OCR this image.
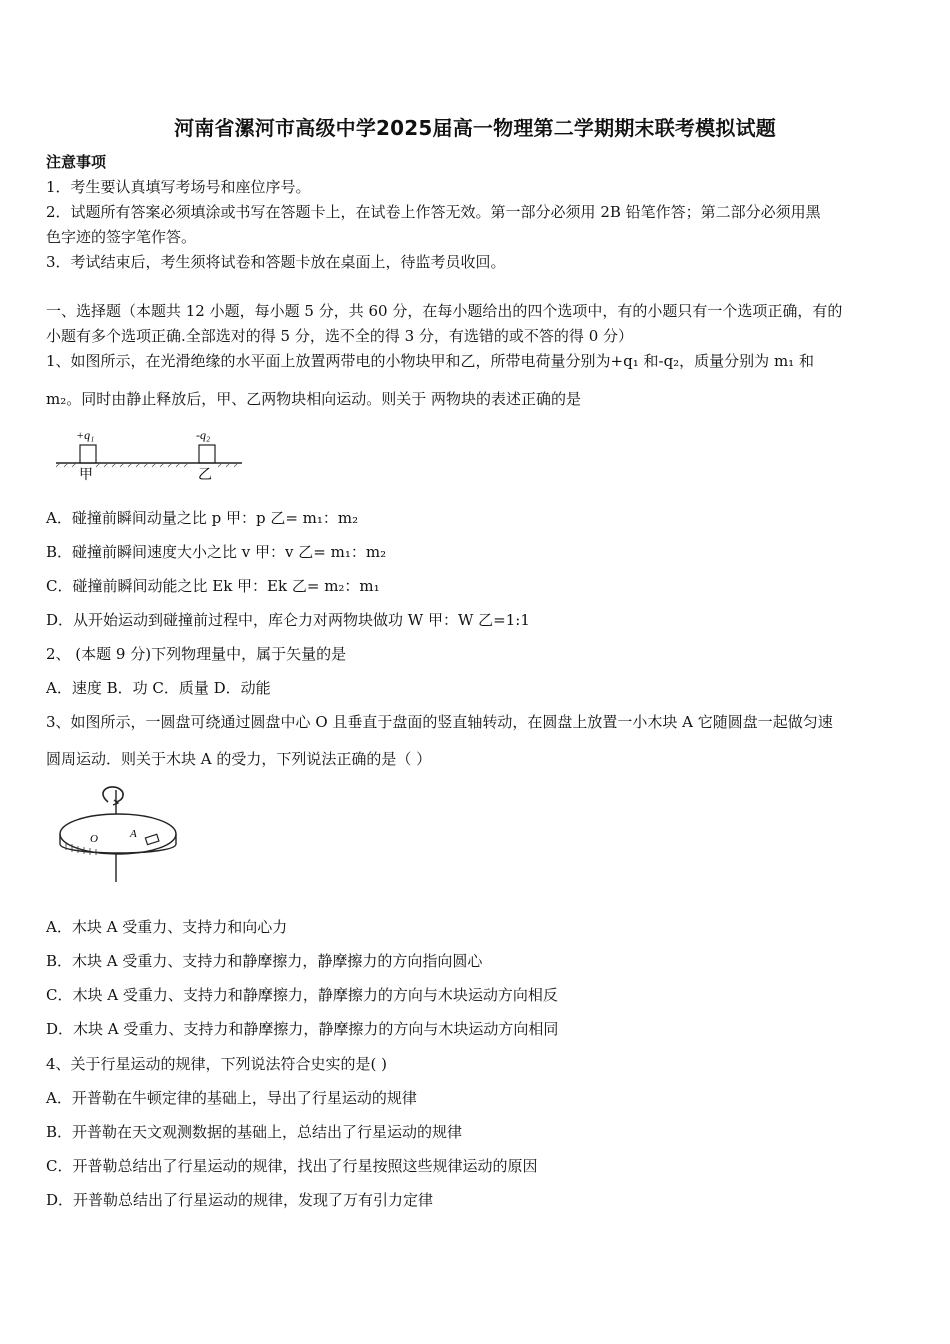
河南省漯河市高级中学2025届高一物理第二学期期末联考模拟试题
注意事项
1．考生要认真填写考场号和座位序号。
2．试题所有答案必须填涂或书写在答题卡上，在试卷上作答无效。第一部分必须用 2B 铅笔作答；第二部分必须用黑
色字迹的签字笔作答。
3．考试结束后，考生须将试卷和答题卡放在桌面上，待监考员收回。
一、选择题（本题共 12 小题，每小题 5 分，共 60 分，在每小题给出的四个选项中，有的小题只有一个选项正确，有的
小题有多个选项正确.全部选对的得 5 分，选不全的得 3 分，有选错的或不答的得 0 分）
1、如图所示，在光滑绝缘的水平面上放置两带电的小物块甲和乙，所带电荷量分别为+q₁ 和-q₂，质量分别为 m₁ 和
m₂。同时由静止释放后，甲、乙两物块相向运动。则关于 两物块的表述正确的是
+q₁	-q₂
甲	乙
A．碰撞前瞬间动量之比 p 甲：p 乙= m₁：m₂
B．碰撞前瞬间速度大小之比 v 甲：v 乙= m₁：m₂
C．碰撞前瞬间动能之比 Ek 甲：Ek 乙= m₂：m₁
D．从开始运动到碰撞前过程中，库仑力对两物块做功 W 甲：W 乙=1:1
2、 (本题 9 分)下列物理量中，属于矢量的是
A．速度 B．功 C．质量 D．动能
3、如图所示，一圆盘可绕通过圆盘中心 O 且垂直于盘面的竖直轴转动，在圆盘上放置一小木块 A 它随圆盘一起做匀速
圆周运动．则关于木块 A 的受力，下列说法正确的是（ ）
O	A
A．木块 A 受重力、支持力和向心力
B．木块 A 受重力、支持力和静摩擦力，静摩擦力的方向指向圆心
C．木块 A 受重力、支持力和静摩擦力，静摩擦力的方向与木块运动方向相反
D．木块 A 受重力、支持力和静摩擦力，静摩擦力的方向与木块运动方向相同
4、关于行星运动的规律，下列说法符合史实的是( )
A．开普勒在牛顿定律的基础上，导出了行星运动的规律
B．开普勒在天文观测数据的基础上，总结出了行星运动的规律
C．开普勒总结出了行星运动的规律，找出了行星按照这些规律运动的原因
D．开普勒总结出了行星运动的规律，发现了万有引力定律
